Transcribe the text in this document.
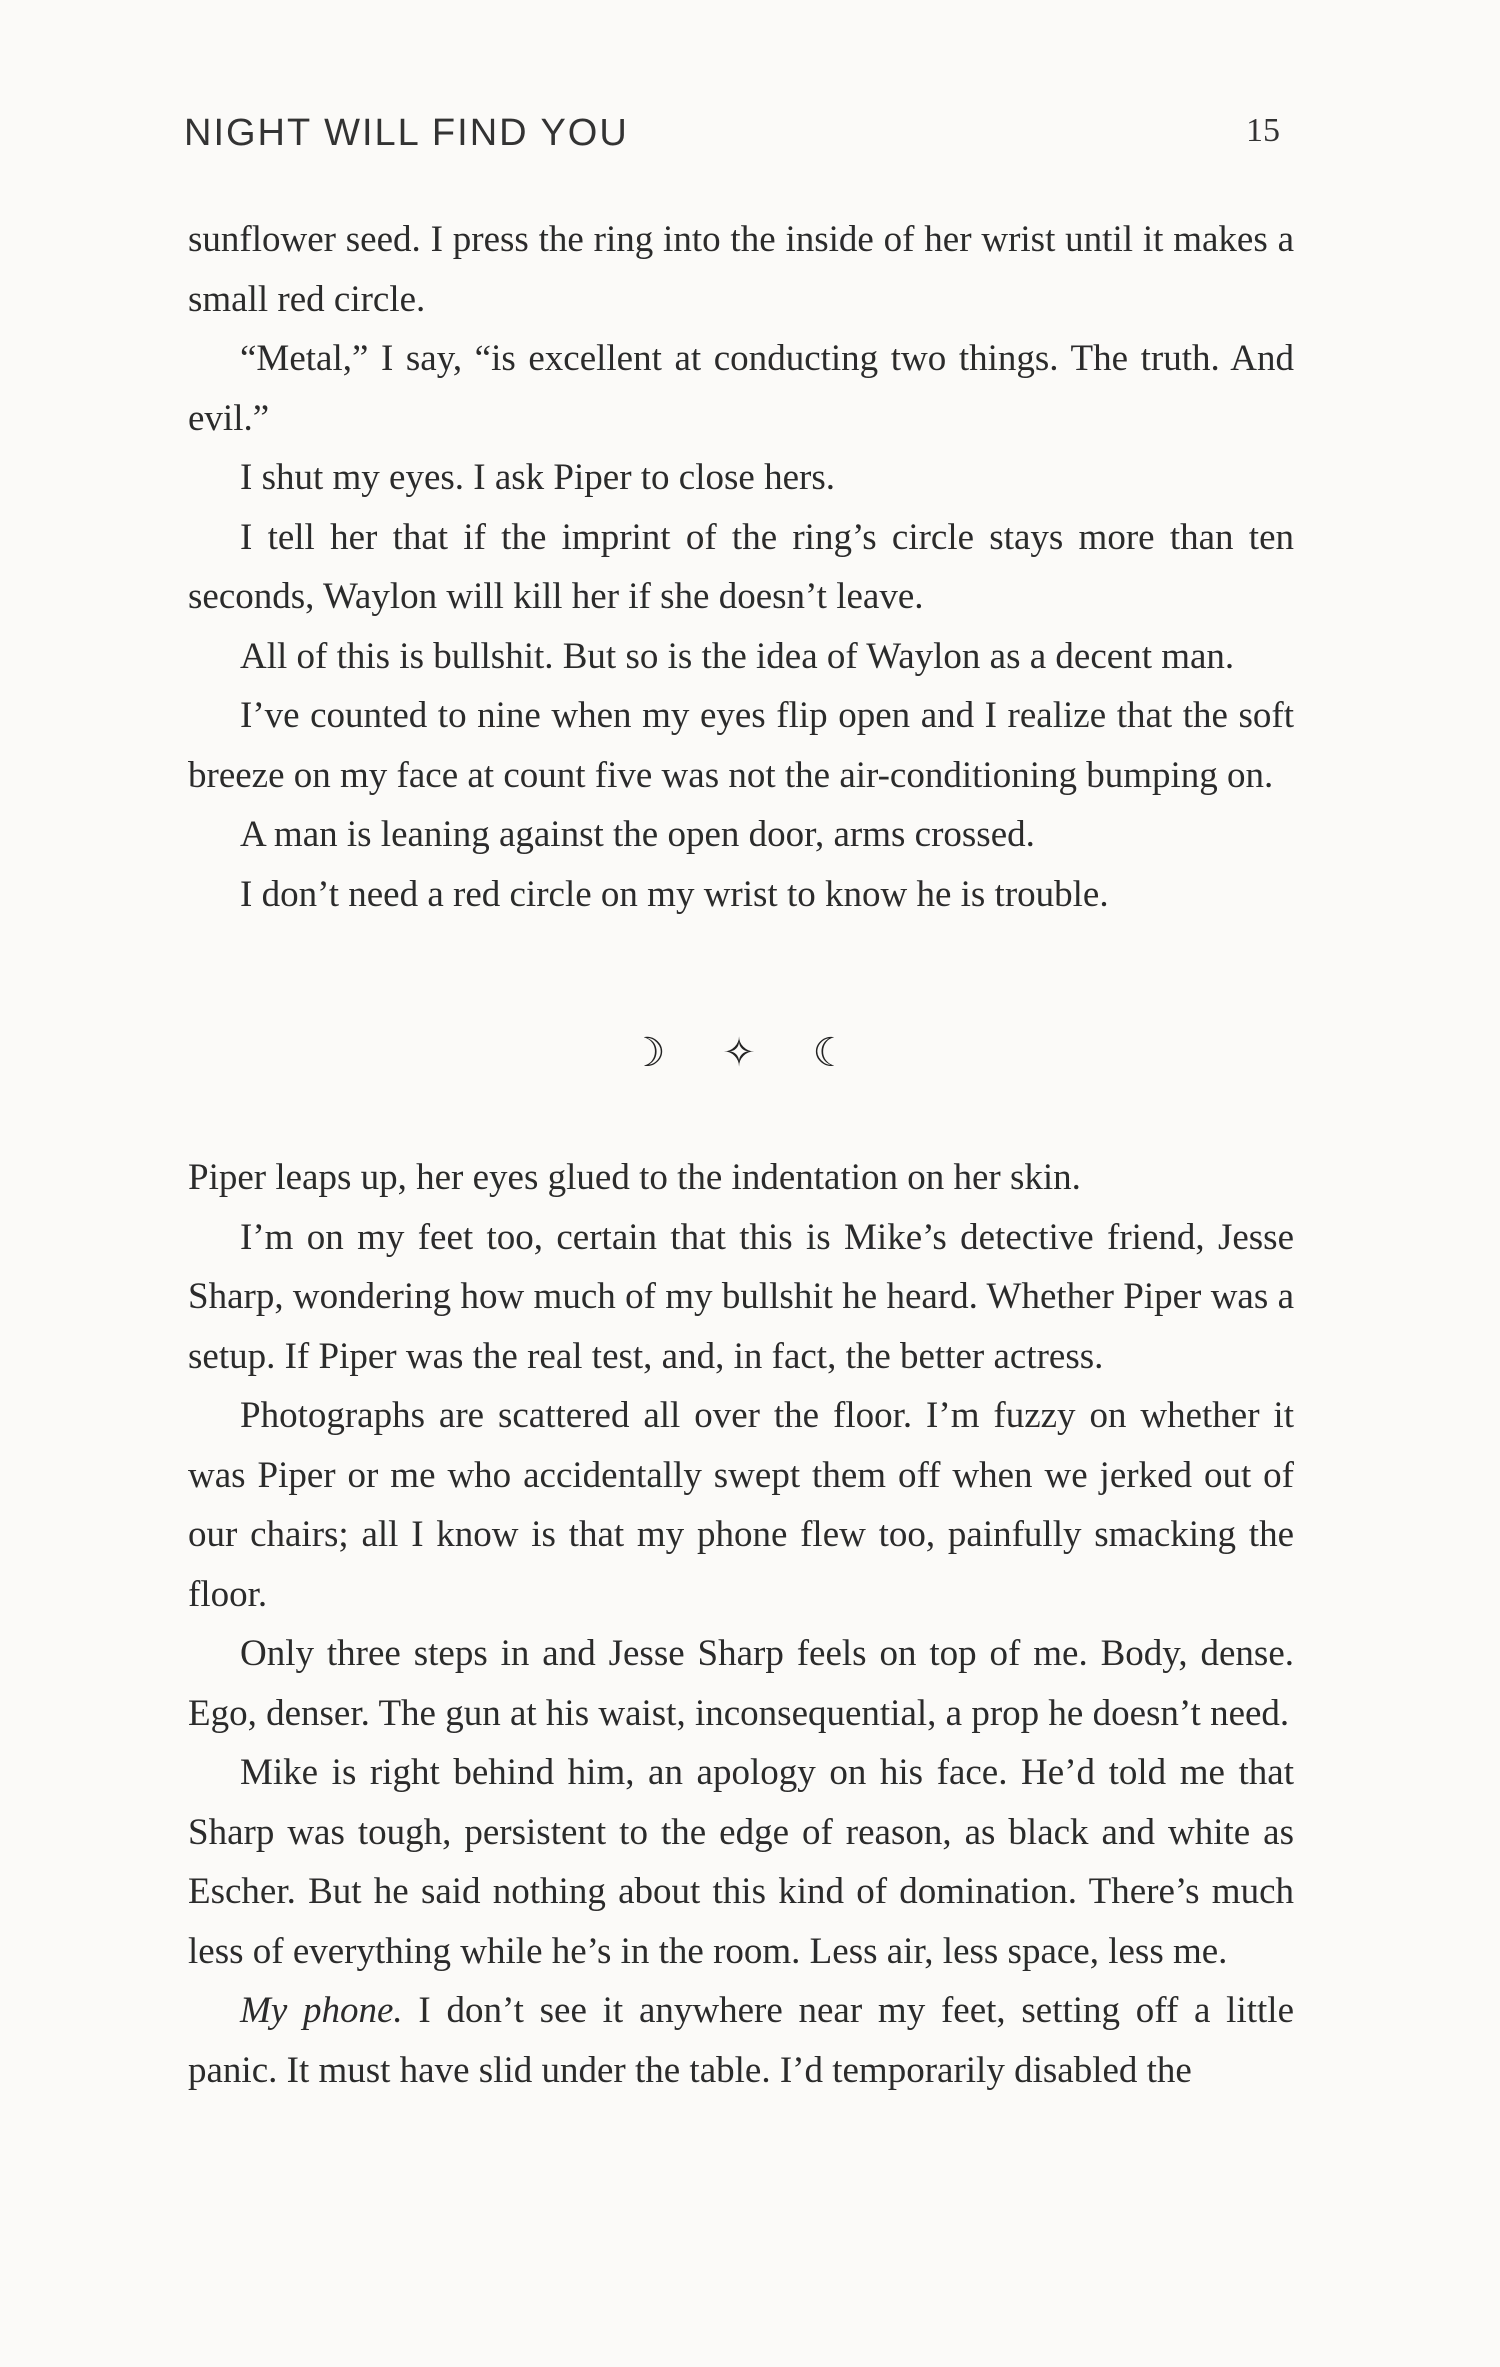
NIGHT WILL FIND YOU	15

sunflower seed. I press the ring into the inside of her wrist until it makes a small red circle.

“Metal,” I say, “is excellent at conducting two things. The truth. And evil.”

I shut my eyes. I ask Piper to close hers.

I tell her that if the imprint of the ring’s circle stays more than ten seconds, Waylon will kill her if she doesn’t leave.

All of this is bullshit. But so is the idea of Waylon as a decent man.

I’ve counted to nine when my eyes flip open and I realize that the soft breeze on my face at count five was not the air-conditioning bumping on.

A man is leaning against the open door, arms crossed.

I don’t need a red circle on my wrist to know he is trouble.

☽ ✧ ☾

Piper leaps up, her eyes glued to the indentation on her skin.

I’m on my feet too, certain that this is Mike’s detective friend, Jesse Sharp, wondering how much of my bullshit he heard. Whether Piper was a setup. If Piper was the real test, and, in fact, the better actress.

Photographs are scattered all over the floor. I’m fuzzy on whether it was Piper or me who accidentally swept them off when we jerked out of our chairs; all I know is that my phone flew too, painfully smacking the floor.

Only three steps in and Jesse Sharp feels on top of me. Body, dense. Ego, denser. The gun at his waist, inconsequential, a prop he doesn’t need.

Mike is right behind him, an apology on his face. He’d told me that Sharp was tough, persistent to the edge of reason, as black and white as Escher. But he said nothing about this kind of domination. There’s much less of everything while he’s in the room. Less air, less space, less me.

My phone. I don’t see it anywhere near my feet, setting off a little panic. It must have slid under the table. I’d temporarily disabled the
